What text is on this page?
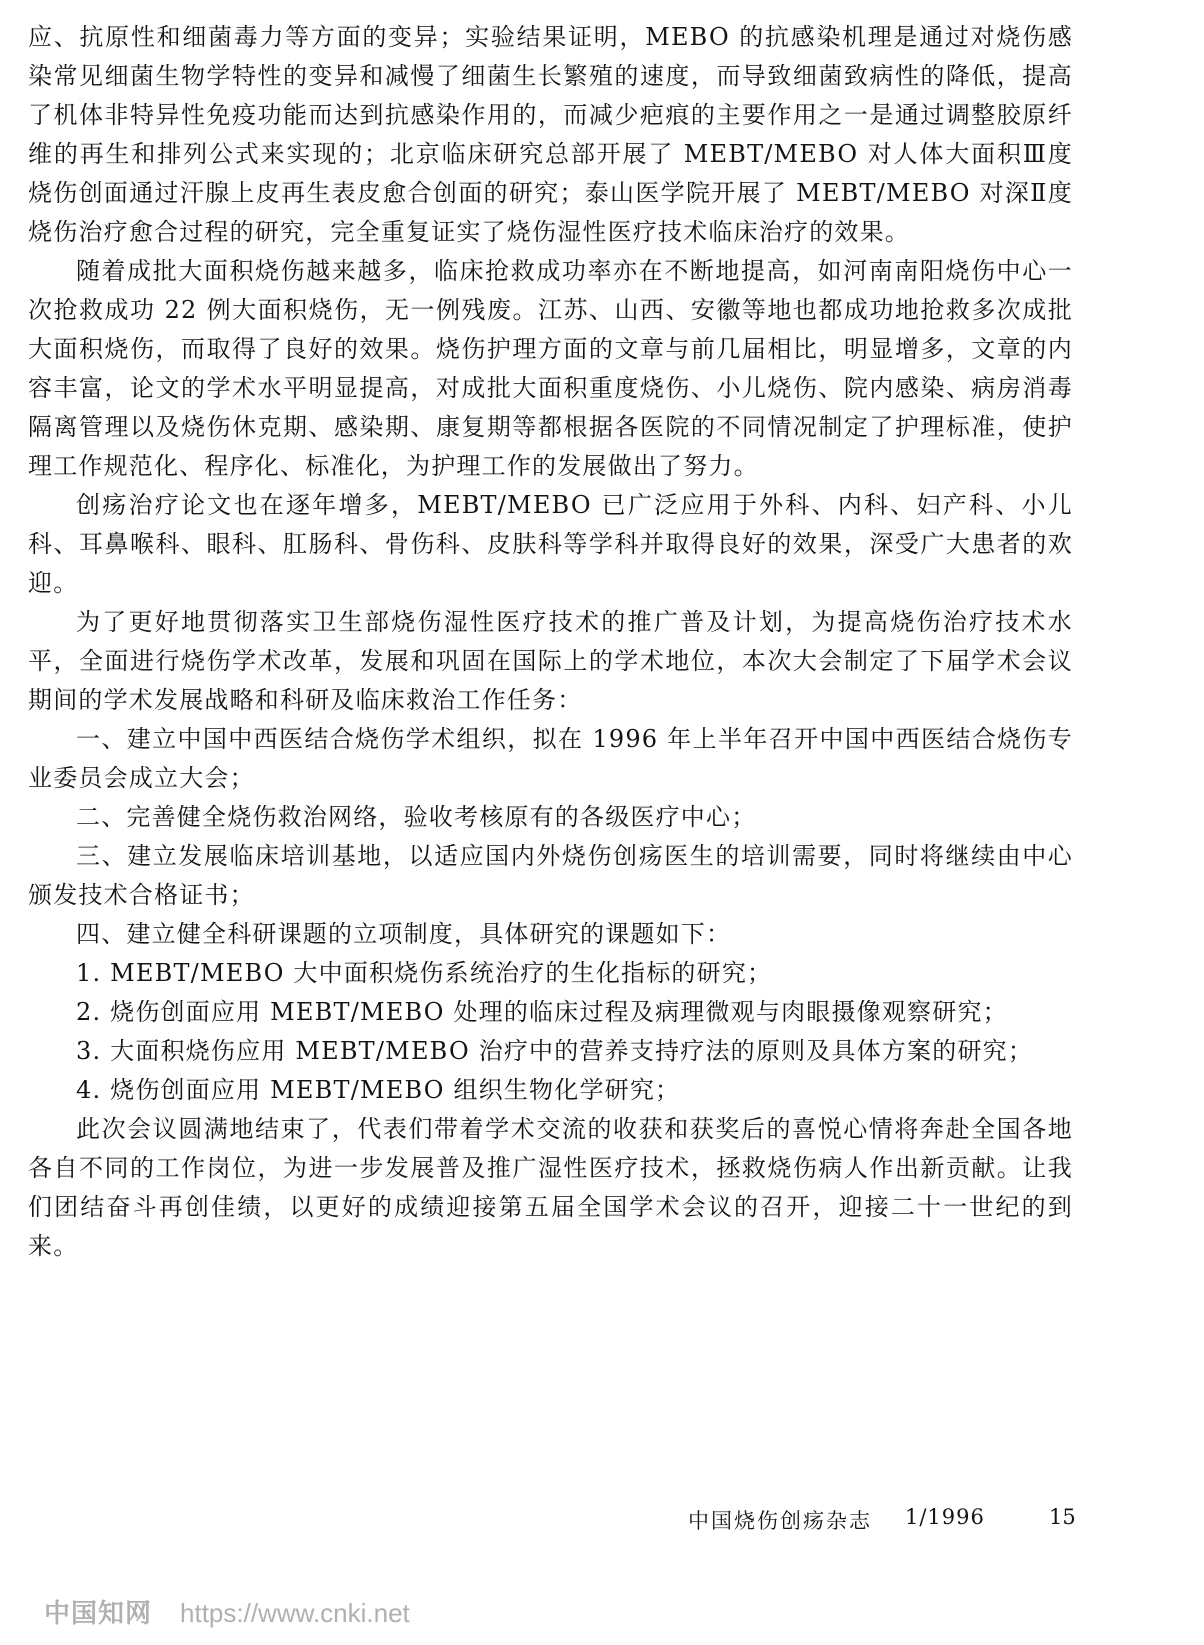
应、抗原性和细菌毒力等方面的变异；实验结果证明，MEBO 的抗感染机理是通过对烧伤感染常见细菌生物学特性的变异和减慢了细菌生长繁殖的速度，而导致细菌致病性的降低，提高了机体非特异性免疫功能而达到抗感染作用的，而减少疤痕的主要作用之一是通过调整胶原纤维的再生和排列公式来实现的；北京临床研究总部开展了 MEBT/MEBO 对人体大面积Ⅲ度烧伤创面通过汗腺上皮再生表皮愈合创面的研究；泰山医学院开展了 MEBT/MEBO 对深Ⅱ度烧伤治疗愈合过程的研究，完全重复证实了烧伤湿性医疗技术临床治疗的效果。

随着成批大面积烧伤越来越多，临床抢救成功率亦在不断地提高，如河南南阳烧伤中心一次抢救成功 22 例大面积烧伤，无一例残废。江苏、山西、安徽等地也都成功地抢救多次成批大面积烧伤，而取得了良好的效果。烧伤护理方面的文章与前几届相比，明显增多，文章的内容丰富，论文的学术水平明显提高，对成批大面积重度烧伤、小儿烧伤、院内感染、病房消毒隔离管理以及烧伤休克期、感染期、康复期等都根据各医院的不同情况制定了护理标准，使护理工作规范化、程序化、标准化，为护理工作的发展做出了努力。

创疡治疗论文也在逐年增多，MEBT/MEBO 已广泛应用于外科、内科、妇产科、小儿科、耳鼻喉科、眼科、肛肠科、骨伤科、皮肤科等学科并取得良好的效果，深受广大患者的欢迎。

为了更好地贯彻落实卫生部烧伤湿性医疗技术的推广普及计划，为提高烧伤治疗技术水平，全面进行烧伤学术改革，发展和巩固在国际上的学术地位，本次大会制定了下届学术会议期间的学术发展战略和科研及临床救治工作任务：

一、建立中国中西医结合烧伤学术组织，拟在 1996 年上半年召开中国中西医结合烧伤专业委员会成立大会；

二、完善健全烧伤救治网络，验收考核原有的各级医疗中心；

三、建立发展临床培训基地，以适应国内外烧伤创疡医生的培训需要，同时将继续由中心颁发技术合格证书；

四、建立健全科研课题的立项制度，具体研究的课题如下：

1. MEBT/MEBO 大中面积烧伤系统治疗的生化指标的研究；

2. 烧伤创面应用 MEBT/MEBO 处理的临床过程及病理微观与肉眼摄像观察研究；

3. 大面积烧伤应用 MEBT/MEBO 治疗中的营养支持疗法的原则及具体方案的研究；

4. 烧伤创面应用 MEBT/MEBO 组织生物化学研究；

此次会议圆满地结束了，代表们带着学术交流的收获和获奖后的喜悦心情将奔赴全国各地各自不同的工作岗位，为进一步发展普及推广湿性医疗技术，拯救烧伤病人作出新贡献。让我们团结奋斗再创佳绩，以更好的成绩迎接第五届全国学术会议的召开，迎接二十一世纪的到来。

中国烧伤创疡杂志 1/1996	15
中国知网 https://www.cnki.net
